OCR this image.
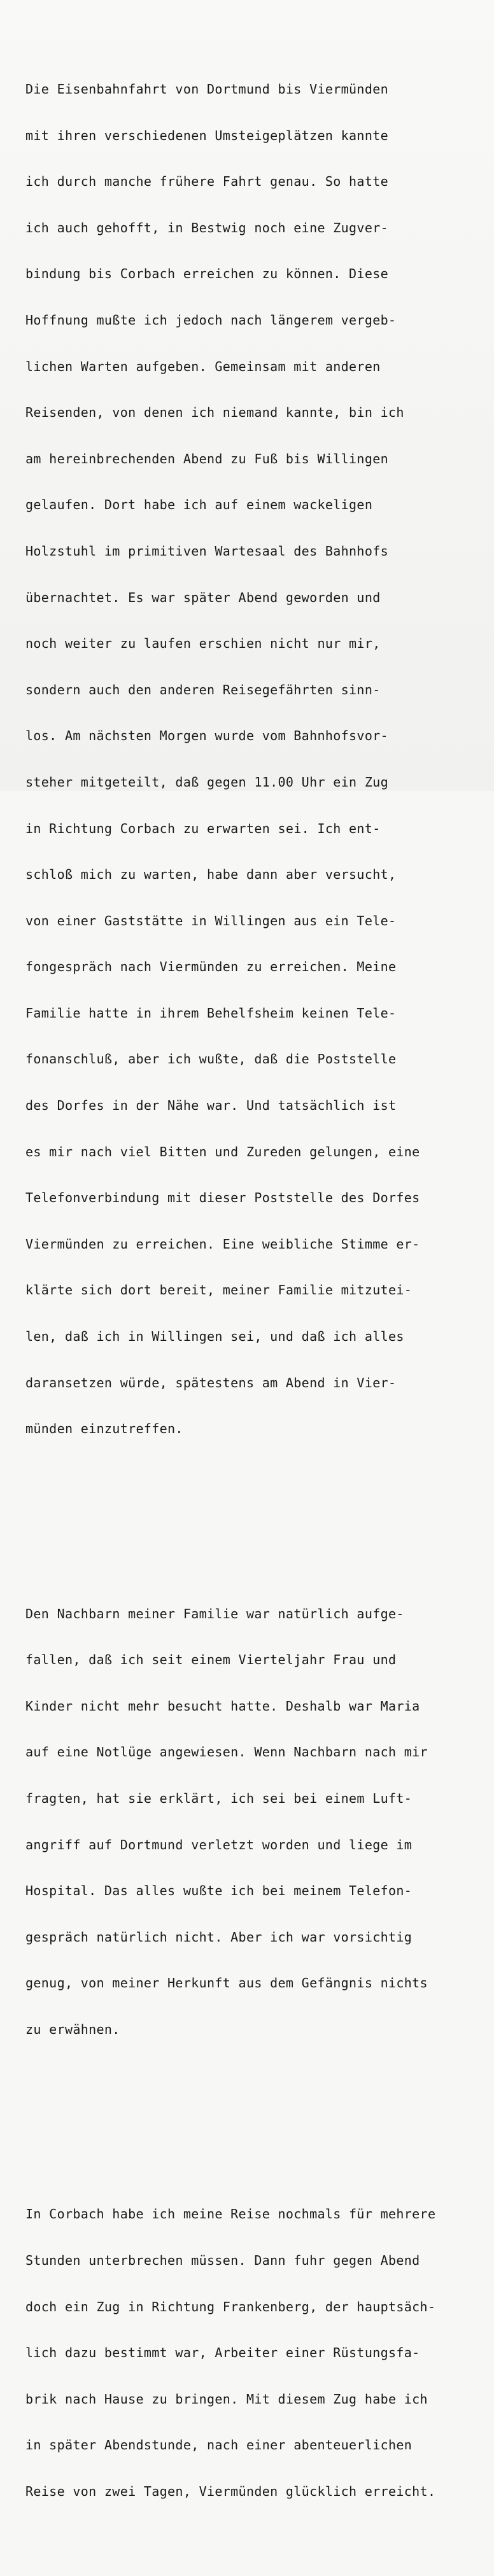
Die Eisenbahnfahrt von Dortmund bis Viermünden

mit ihren verschiedenen Umsteigeplätzen kannte

ich durch manche frühere Fahrt genau. So hatte

ich auch gehofft, in Bestwig noch eine Zugver-

bindung bis Corbach erreichen zu können. Diese

Hoffnung mußte ich jedoch nach längerem vergeb-

lichen Warten aufgeben. Gemeinsam mit anderen

Reisenden, von denen ich niemand kannte, bin ich

am hereinbrechenden Abend zu Fuß bis Willingen

gelaufen. Dort habe ich auf einem wackeligen

Holzstuhl im primitiven Wartesaal des Bahnhofs

übernachtet. Es war später Abend geworden und

noch weiter zu laufen erschien nicht nur mir,

sondern auch den anderen Reisegefährten sinn-

los. Am nächsten Morgen wurde vom Bahnhofsvor-

steher mitgeteilt, daß gegen 11.00 Uhr ein Zug

in Richtung Corbach zu erwarten sei. Ich ent-

schloß mich zu warten, habe dann aber versucht,

von einer Gaststätte in Willingen aus ein Tele-

fongespräch nach Viermünden zu erreichen. Meine

Familie hatte in ihrem Behelfsheim keinen Tele-

fonanschluß, aber ich wußte, daß die Poststelle

des Dorfes in der Nähe war. Und tatsächlich ist

es mir nach viel Bitten und Zureden gelungen, eine

Telefonverbindung mit dieser Poststelle des Dorfes

Viermünden zu erreichen. Eine weibliche Stimme er-

klärte sich dort bereit, meiner Familie mitzutei-

len, daß ich in Willingen sei, und daß ich alles

daransetzen würde, spätestens am Abend in Vier-

münden einzutreffen.

Den Nachbarn meiner Familie war natürlich aufge-

fallen, daß ich seit einem Vierteljahr Frau und

Kinder nicht mehr besucht hatte. Deshalb war Maria

auf eine Notlüge angewiesen. Wenn Nachbarn nach mir

fragten, hat sie erklärt, ich sei bei einem Luft-

angriff auf Dortmund verletzt worden und liege im

Hospital. Das alles wußte ich bei meinem Telefon-

gespräch natürlich nicht. Aber ich war vorsichtig

genug, von meiner Herkunft aus dem Gefängnis nichts

zu erwähnen.

In Corbach habe ich meine Reise nochmals für mehrere

Stunden unterbrechen müssen. Dann fuhr gegen Abend

doch ein Zug in Richtung Frankenberg, der hauptsäch-

lich dazu bestimmt war, Arbeiter einer Rüstungsfa-

brik nach Hause zu bringen. Mit diesem Zug habe ich

in später Abendstunde, nach einer abenteuerlichen

Reise von zwei Tagen, Viermünden glücklich erreicht.
